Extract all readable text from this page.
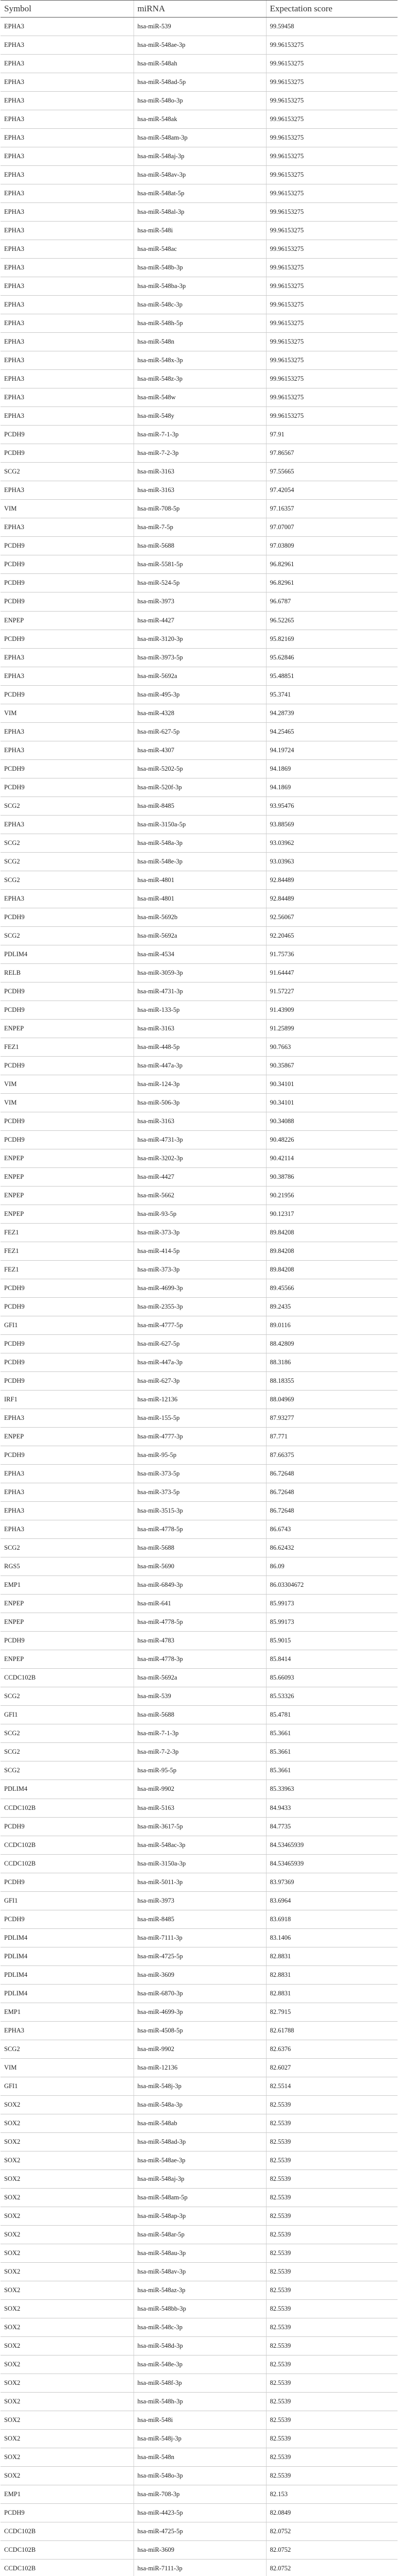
Symbol	miRNA	Expectation score
EPHA3	hsa-miR-539	99.59458
EPHA3	hsa-miR-548ae-3p	99.96153275
EPHA3	hsa-miR-548ah	99.96153275
EPHA3	hsa-miR-548ad-5p	99.96153275
EPHA3	hsa-miR-548o-3p	99.96153275
EPHA3	hsa-miR-548ak	99.96153275
EPHA3	hsa-miR-548am-3p	99.96153275
EPHA3	hsa-miR-548aj-3p	99.96153275
EPHA3	hsa-miR-548av-3p	99.96153275
EPHA3	hsa-miR-548at-5p	99.96153275
EPHA3	hsa-miR-548al-3p	99.96153275
EPHA3	hsa-miR-548i	99.96153275
EPHA3	hsa-miR-548ac	99.96153275
EPHA3	hsa-miR-548b-3p	99.96153275
EPHA3	hsa-miR-548ba-3p	99.96153275
EPHA3	hsa-miR-548c-3p	99.96153275
EPHA3	hsa-miR-548h-5p	99.96153275
EPHA3	hsa-miR-548n	99.96153275
EPHA3	hsa-miR-548x-3p	99.96153275
EPHA3	hsa-miR-548z-3p	99.96153275
EPHA3	hsa-miR-548w	99.96153275
EPHA3	hsa-miR-548y	99.96153275
PCDH9	hsa-miR-7-1-3p	97.91
PCDH9	hsa-miR-7-2-3p	97.86567
SCG2	hsa-miR-3163	97.55665
EPHA3	hsa-miR-3163	97.42054
VIM	hsa-miR-708-5p	97.16357
EPHA3	hsa-miR-7-5p	97.07007
PCDH9	hsa-miR-5688	97.03809
PCDH9	hsa-miR-5581-5p	96.82961
PCDH9	hsa-miR-524-5p	96.82961
PCDH9	hsa-miR-3973	96.6787
ENPEP	hsa-miR-4427	96.52265
PCDH9	hsa-miR-3120-3p	95.82169
EPHA3	hsa-miR-3973-5p	95.62846
EPHA3	hsa-miR-5692a	95.48851
PCDH9	hsa-miR-495-3p	95.3741
VIM	hsa-miR-4328	94.28739
EPHA3	hsa-miR-627-5p	94.25465
EPHA3	hsa-miR-4307	94.19724
PCDH9	hsa-miR-5202-5p	94.1869
PCDH9	hsa-miR-520f-3p	94.1869
SCG2	hsa-miR-8485	93.95476
EPHA3	hsa-miR-3150a-5p	93.88569
SCG2	hsa-miR-548a-3p	93.03962
SCG2	hsa-miR-548e-3p	93.03963
SCG2	hsa-miR-4801	92.84489
EPHA3	hsa-miR-4801	92.84489
PCDH9	hsa-miR-5692b	92.56067
SCG2	hsa-miR-5692a	92.20465
PDLIM4	hsa-miR-4534	91.75736
RELB	hsa-miR-3059-3p	91.64447
PCDH9	hsa-miR-4731-3p	91.57227
PCDH9	hsa-miR-133-5p	91.43909
ENPEP	hsa-miR-3163	91.25899
FEZ1	hsa-miR-448-5p	90.7663
PCDH9	hsa-miR-447a-3p	90.35867
VIM	hsa-miR-124-3p	90.34101
VIM	hsa-miR-506-3p	90.34101
PCDH9	hsa-miR-3163	90.34088
PCDH9	hsa-miR-4731-3p	90.48226
ENPEP	hsa-miR-3202-3p	90.42114
ENPEP	hsa-miR-4427	90.38786
ENPEP	hsa-miR-5662	90.21956
ENPEP	hsa-miR-93-5p	90.12317
FEZ1	hsa-miR-373-3p	89.84208
FEZ1	hsa-miR-414-5p	89.84208
FEZ1	hsa-miR-373-3p	89.84208
PCDH9	hsa-miR-4699-3p	89.45566
PCDH9	hsa-miR-2355-3p	89.2435
GFI1	hsa-miR-4777-5p	89.0116
PCDH9	hsa-miR-627-5p	88.42809
PCDH9	hsa-miR-447a-3p	88.3186
PCDH9	hsa-miR-627-3p	88.18355
IRF1	hsa-miR-12136	88.04969
EPHA3	hsa-miR-155-5p	87.93277
ENPEP	hsa-miR-4777-3p	87.771
PCDH9	hsa-miR-95-5p	87.66375
EPHA3	hsa-miR-373-5p	86.72648
EPHA3	hsa-miR-373-5p	86.72648
EPHA3	hsa-miR-3515-3p	86.72648
EPHA3	hsa-miR-4778-5p	86.6743
SCG2	hsa-miR-5688	86.62432
RGS5	hsa-miR-5690	86.09
EMP1	hsa-miR-6849-3p	86.03304672
ENPEP	hsa-miR-641	85.99173
ENPEP	hsa-miR-4778-5p	85.99173
PCDH9	hsa-miR-4783	85.9015
ENPEP	hsa-miR-4778-3p	85.8414
CCDC102B	hsa-miR-5692a	85.66093
SCG2	hsa-miR-539	85.53326
GFI1	hsa-miR-5688	85.4781
SCG2	hsa-miR-7-1-3p	85.3661
SCG2	hsa-miR-7-2-3p	85.3661
SCG2	hsa-miR-95-5p	85.3661
PDLIM4	hsa-miR-9902	85.33963
CCDC102B	hsa-miR-5163	84.9433
PCDH9	hsa-miR-3617-5p	84.7735
CCDC102B	hsa-miR-548ac-3p	84.53465939
CCDC102B	hsa-miR-3150a-3p	84.53465939
PCDH9	hsa-miR-5011-3p	83.97369
GFI1	hsa-miR-3973	83.6964
PCDH9	hsa-miR-8485	83.6918
PDLIM4	hsa-miR-7111-3p	83.1406
PDLIM4	hsa-miR-4725-5p	82.8831
PDLIM4	hsa-miR-3609	82.8831
PDLIM4	hsa-miR-6870-3p	82.8831
EMP1	hsa-miR-4699-3p	82.7915
EPHA3	hsa-miR-4508-5p	82.61788
SCG2	hsa-miR-9902	82.6376
VIM	hsa-miR-12136	82.6027
GFI1	hsa-miR-548j-3p	82.5514
SOX2	hsa-miR-548a-3p	82.5539
SOX2	hsa-miR-548ab	82.5539
SOX2	hsa-miR-548ad-3p	82.5539
SOX2	hsa-miR-548ae-3p	82.5539
SOX2	hsa-miR-548aj-3p	82.5539
SOX2	hsa-miR-548am-5p	82.5539
SOX2	hsa-miR-548ap-3p	82.5539
SOX2	hsa-miR-548ar-5p	82.5539
SOX2	hsa-miR-548au-3p	82.5539
SOX2	hsa-miR-548av-3p	82.5539
SOX2	hsa-miR-548az-3p	82.5539
SOX2	hsa-miR-548bb-3p	82.5539
SOX2	hsa-miR-548c-3p	82.5539
SOX2	hsa-miR-548d-3p	82.5539
SOX2	hsa-miR-548e-3p	82.5539
SOX2	hsa-miR-548f-3p	82.5539
SOX2	hsa-miR-548h-3p	82.5539
SOX2	hsa-miR-548i	82.5539
SOX2	hsa-miR-548j-3p	82.5539
SOX2	hsa-miR-548n	82.5539
SOX2	hsa-miR-548o-3p	82.5539
EMP1	hsa-miR-708-3p	82.153
PCDH9	hsa-miR-4423-5p	82.0849
CCDC102B	hsa-miR-4725-5p	82.0752
CCDC102B	hsa-miR-3609	82.0752
CCDC102B	hsa-miR-7111-3p	82.0752
